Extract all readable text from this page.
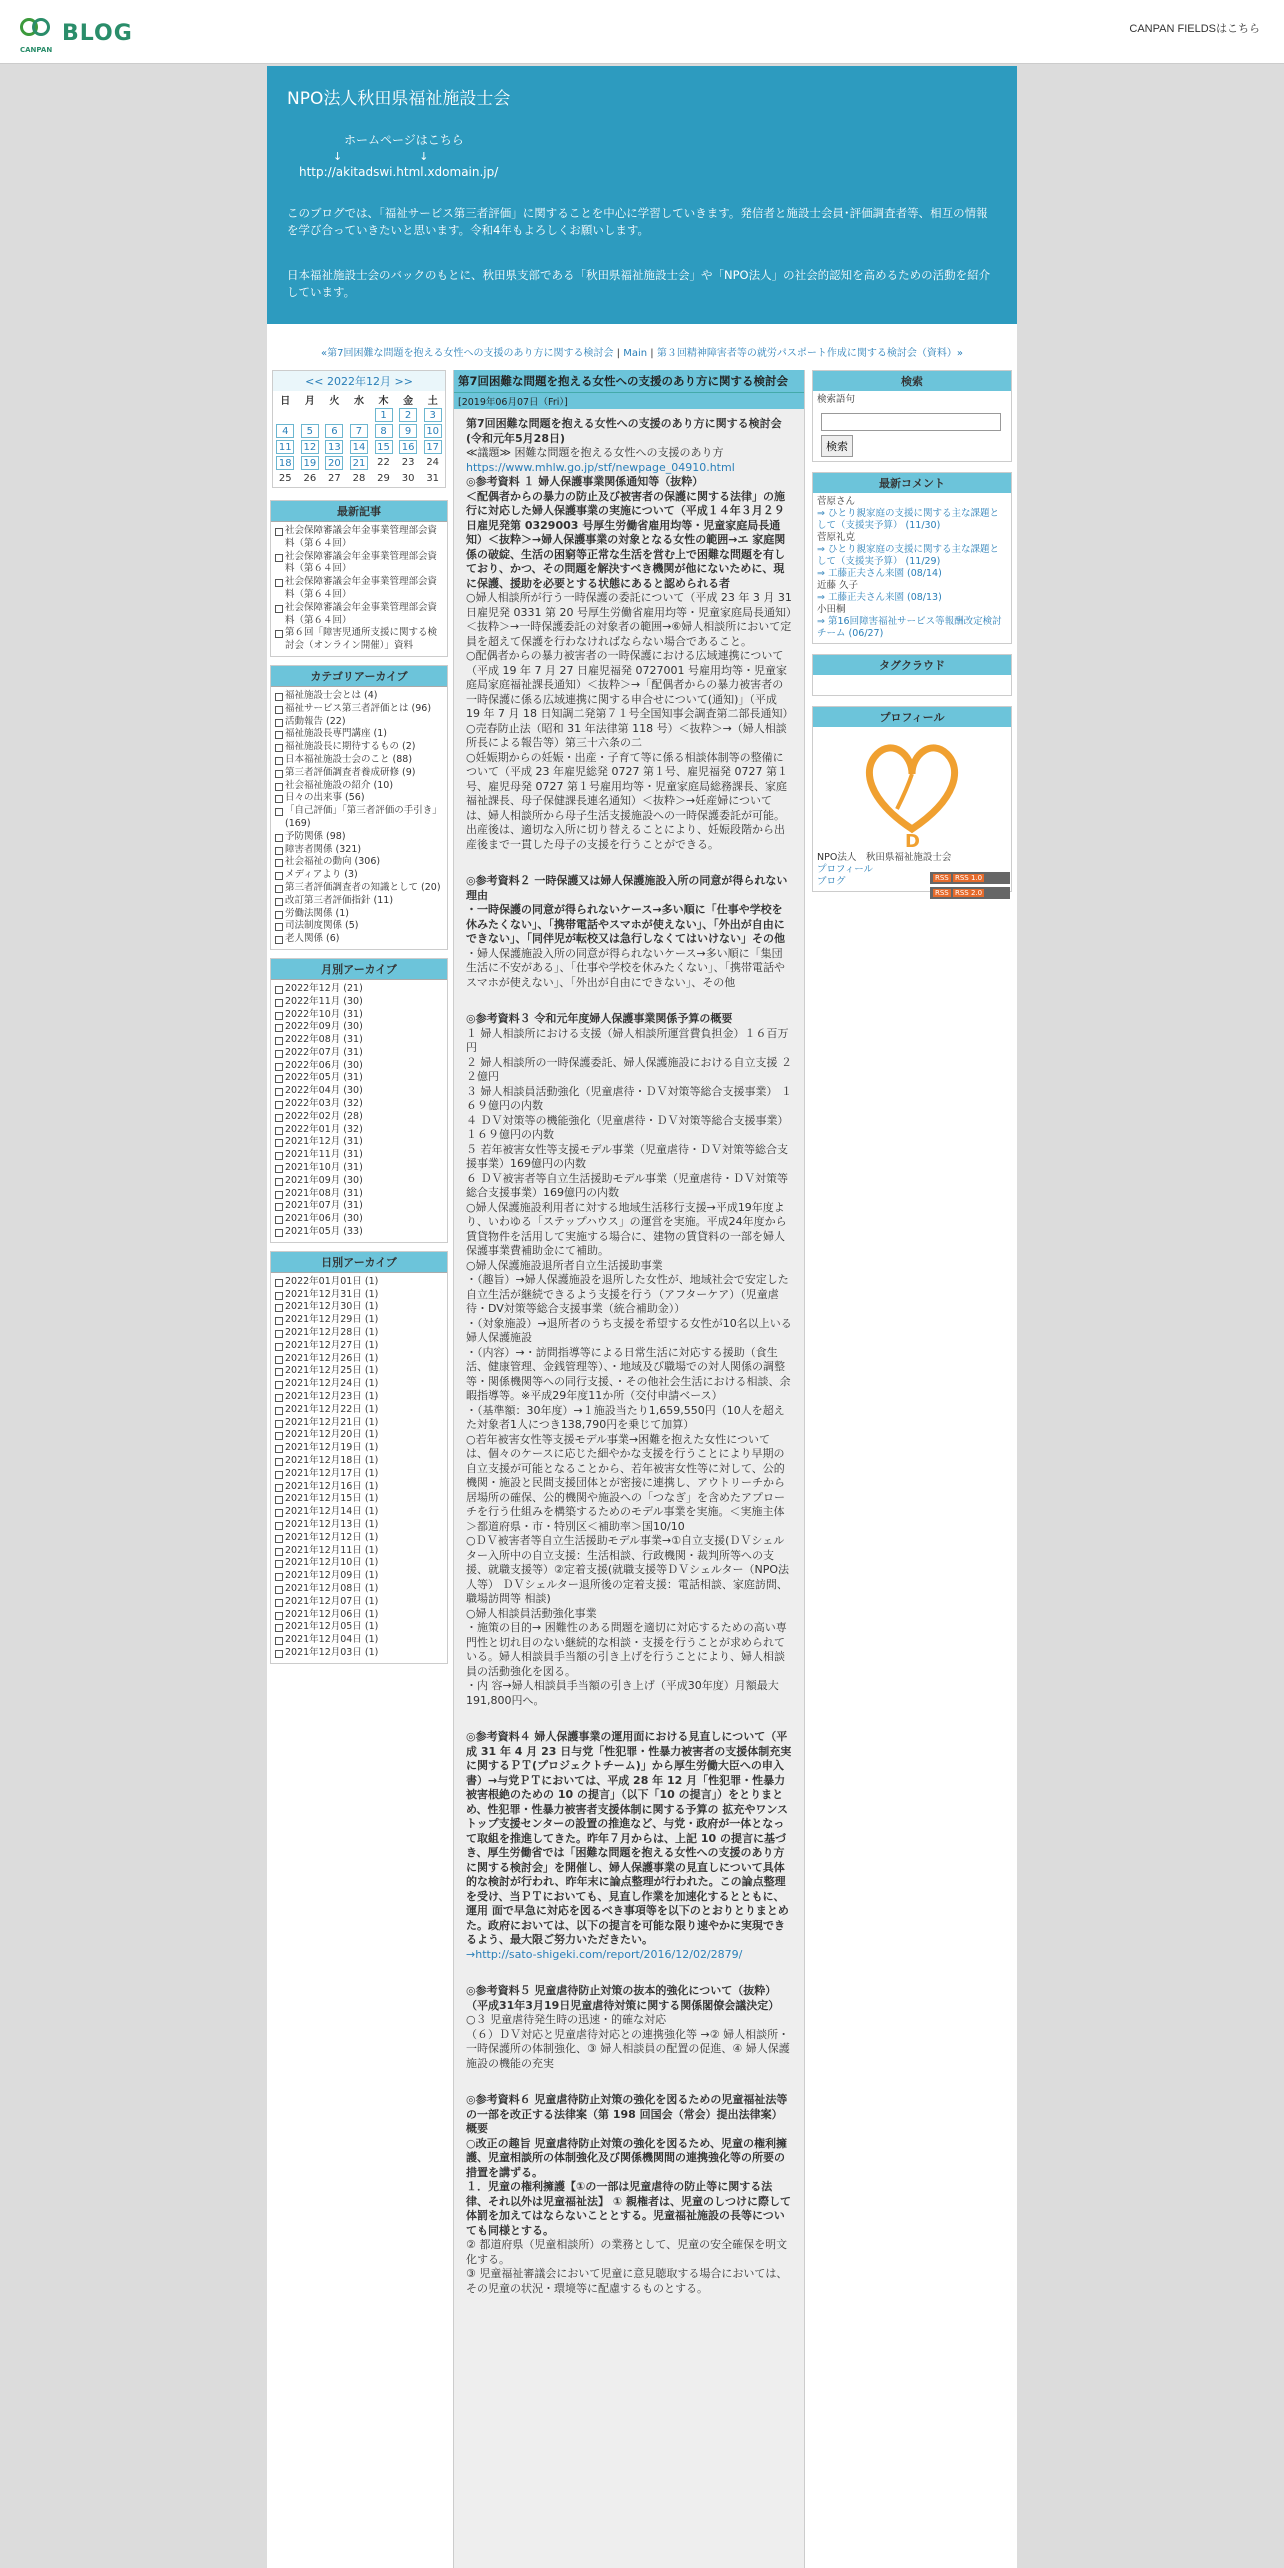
BLOG
CANPAN
CANPAN FIELDSはこちら
NPO法人秋田県福祉施設士会
ホームページはこちら
↓　　　　　　　↓
http://akitadswi.html.xdomain.jp/

このブログでは、「福祉サービス第三者評価」に関することを中心に学習していきます。発信者と施設士会員･評価調査者等、相互の情報を学び合っていきたいと思います。令和4年もよろしくお願いします。

日本福祉施設士会のバックのもとに、秋田県支部である「秋田県福祉施設士会」や「NPO法人」の社会的認知を高めるための活動を紹介しています。

«第7回困難な問題を抱える女性への支援のあり方に関する検討会 | Main | 第３回精神障害者等の就労パスポート作成に関する検討会（資料）»
<< 2022年12月 >>
日	月	火	水	木	金	土
				1	2	3
4	5	6	7	8	9	10
11	12	13	14	15	16	17
18	19	20	21	22	23	24
25	26	27	28	29	30	31
最新記事
社会保障審議会年金事業管理部会資料（第６４回）
社会保障審議会年金事業管理部会資料（第６４回）
社会保障審議会年金事業管理部会資料（第６４回）
社会保障審議会年金事業管理部会資料（第６４回）
第６回「障害児通所支援に関する検討会（オンライン開催）」資料
カテゴリアーカイブ
福祉施設士会とは (4)
福祉サービス第三者評価とは (96)
活動報告 (22)
福祉施設長専門講座 (1)
福祉施設長に期待するもの (2)
日本福祉施設士会のこと (88)
第三者評価調査者養成研修 (9)
社会福祉施設の紹介 (10)
日々の出来事 (56)
「自己評価」「第三者評価の手引き」 (169)
予防関係 (98)
障害者関係 (321)
社会福祉の動向 (306)
メディアより (3)
第三者評価調査者の知識として (20)
改訂第三者評価指針 (11)
労働法関係 (1)
司法制度関係 (5)
老人関係 (6)
月別アーカイブ
2022年12月 (21)
2022年11月 (30)
2022年10月 (31)
2022年09月 (30)
2022年08月 (31)
2022年07月 (31)
2022年06月 (30)
2022年05月 (31)
2022年04月 (30)
2022年03月 (32)
2022年02月 (28)
2022年01月 (32)
2021年12月 (31)
2021年11月 (31)
2021年10月 (31)
2021年09月 (30)
2021年08月 (31)
2021年07月 (31)
2021年06月 (30)
2021年05月 (33)
日別アーカイブ
2022年01月01日 (1)
2021年12月31日 (1)
2021年12月30日 (1)
2021年12月29日 (1)
2021年12月28日 (1)
2021年12月27日 (1)
2021年12月26日 (1)
2021年12月25日 (1)
2021年12月24日 (1)
2021年12月23日 (1)
2021年12月22日 (1)
2021年12月21日 (1)
2021年12月20日 (1)
2021年12月19日 (1)
2021年12月18日 (1)
2021年12月17日 (1)
2021年12月16日 (1)
2021年12月15日 (1)
2021年12月14日 (1)
2021年12月13日 (1)
2021年12月12日 (1)
2021年12月11日 (1)
2021年12月10日 (1)
2021年12月09日 (1)
2021年12月08日 (1)
2021年12月07日 (1)
2021年12月06日 (1)
2021年12月05日 (1)
2021年12月04日 (1)
2021年12月03日 (1)
第7回困難な問題を抱える女性への支援のあり方に関する検討会
[2019年06月07日（Fri）]

第7回困難な問題を抱える女性への支援のあり方に関する検討会(令和元年5月28日)

≪議題≫ 困難な問題を抱える女性への支援のあり方

https://www.mhlw.go.jp/stf/newpage_04910.html

◎参考資料 １ 婦人保護事業関係通知等（抜粋）

＜配偶者からの暴力の防止及び被害者の保護に関する法律」の施行に対応した婦人保護事業の実施について（平成１４年３月２９日雇児発第 0329003 号厚生労働省雇用均等・児童家庭局長通知）＜抜粋＞→婦人保護事業の対象となる女性の範囲→エ 家庭関係の破綻、生活の困窮等正常な生活を営む上で困難な問題を有しており、かつ、その問題を解決すべき機関が他にないために、現に保護、援助を必要とする状態にあると認められる者

○婦人相談所が行う一時保護の委託について（平成 23 年 3 月 31 日雇児発 0331 第 20 号厚生労働省雇用均等・児童家庭局長通知）＜抜粋＞→一時保護委託の対象者の範囲→⑥婦人相談所において定員を超えて保護を行わなければならない場合であること。

○配偶者からの暴力被害者の一時保護における広域連携について（平成 19 年 7 月 27 日雇児福発 0727001 号雇用均等・児童家庭局家庭福祉課長通知）＜抜粋＞→「配偶者からの暴力被害者の一時保護に係る広域連携に関する申合せについて(通知)」（平成 19 年 7 月 18 日知調二発第７１号全国知事会調査第二部長通知）

○売春防止法（昭和 31 年法律第 118 号）＜抜粋＞→（婦人相談所長による報告等）第三十六条の二

○妊娠期からの妊娠・出産・子育て等に係る相談体制等の整備について（平成 23 年雇児総発 0727 第１号、雇児福発 0727 第１号、雇児母発 0727 第１号雇用均等・児童家庭局総務課長、家庭福祉課長、母子保健課長連名通知）＜抜粋＞→妊産婦については、婦人相談所から母子生活支援施設への一時保護委託が可能。出産後は、適切な入所に切り替えることにより、妊娠段階から出産後まで一貫した母子の支援を行うことができる。

◎参考資料２ 一時保護又は婦人保護施設入所の同意が得られない理由

・一時保護の同意が得られないケース→多い順に「仕事や学校を休みたくない」、「携帯電話やスマホが使えない」、「外出が自由にできない」、「同伴児が転校又は急行しなくてはいけない」その他

・婦人保護施設入所の同意が得られないケース→多い順に「集団生活に不安がある」、「仕事や学校を休みたくない」、「携帯電話やスマホが使えない」、「外出が自由にできない」、その他

◎参考資料３ 令和元年度婦人保護事業関係予算の概要

１ 婦人相談所における支援（婦人相談所運営費負担金）１６百万円

２ 婦人相談所の一時保護委託、婦人保護施設における自立支援 ２２億円

３ 婦人相談員活動強化（児童虐待・ＤＶ対策等総合支援事業） １６９億円の内数

４ ＤＶ対策等の機能強化（児童虐待・ＤＶ対策等総合支援事業） １６９億円の内数

５ 若年被害女性等支援モデル事業（児童虐待・ＤＶ対策等総合支援事業）169億円の内数

６ ＤＶ被害者等自立生活援助モデル事業（児童虐待・ＤＶ対策等総合支援事業）169億円の内数

○婦人保護施設利用者に対する地域生活移行支援→平成19年度より、いわゆる「ステップハウス」の運営を実施。平成24年度から賃貸物件を活用して実施する場合に、建物の賃貸料の一部を婦人保護事業費補助金にて補助。

○婦人保護施設退所者自立生活援助事業

・（趣旨）→婦人保護施設を退所した女性が、地域社会で安定した自立生活が継続できるよう支援を行う（アフターケア）（児童虐待・DV対策等総合支援事業（統合補助金））

・（対象施設）→退所者のうち支援を希望する女性が10名以上いる婦人保護施設

・（内容）→・訪問指導等による日常生活に対応する援助（食生活、健康管理、金銭管理等）、・地域及び職場での対人関係の調整等・関係機関等への同行支援、・その他社会生活における相談、余暇指導等。※平成29年度11か所（交付申請ベース）

・（基準額：30年度）→１施設当たり1,659,550円（10人を超えた対象者1人につき138,790円を乗じて加算）

○若年被害女性等支援モデル事業→困難を抱えた女性については、個々のケースに応じた細やかな支援を行うことにより早期の自立支援が可能となることから、若年被害女性等に対して、公的機関・施設と民間支援団体とが密接に連携し、アウトリーチから居場所の確保、公的機関や施設への「つなぎ」を含めたアプローチを行う仕組みを構築するためのモデル事業を実施。＜実施主体＞都道府県・市・特別区＜補助率＞国10/10

○ＤＶ被害者等自立生活援助モデル事業→①自立支援(ＤＶシェルター入所中の自立支援：生活相談、行政機関・裁判所等への支援、就職支援等）②定着支援(就職支援等ＤＶシェルター（NPO法人等） ＤＶシェルター退所後の定着支援：電話相談、家庭訪問、職場訪問等 相談)

○婦人相談員活動強化事業

・施策の目的→ 困難性のある問題を適切に対応するための高い専門性と切れ目のない継続的な相談・支援を行うことが求められている。婦人相談員手当額の引き上げを行うことにより、婦人相談員の活動強化を図る。

・内 容→婦人相談員手当額の引き上げ（平成30年度）月額最大 191,800円へ。

◎参考資料４ 婦人保護事業の運用面における見直しについて（平成 31 年 4 月 23 日与党「性犯罪・性暴力被害者の支援体制充実に関するＰＴ(プロジェクトチーム)」から厚生労働大臣への申入書）→与党ＰＴにおいては、平成 28 年 12 月「性犯罪・性暴力被害根絶のための 10 の提言」（以下「10 の提言」）をとりまとめ、性犯罪・性暴力被害者支援体制に関する予算の 拡充やワンストップ支援センターの設置の推進など、与党・政府が一体となって取組を推進してきた。昨年７月からは、上記 10 の提言に基づき、厚生労働省では「困難な問題を抱える女性への支援のあり方に関する検討会」を開催し、婦人保護事業の見直しについて具体的な検討が行われ、昨年末に論点整理が行われた。この論点整理を受け、当ＰＴにおいても、見直し作業を加速化するとともに、運用 面で早急に対応を図るべき事項等を以下のとおりとりまとめた。政府においては、以下の提言を可能な限り速やかに実現できるよう、最大限ご努力いただきたい。

→http://sato-shigeki.com/report/2016/12/02/2879/

◎参考資料５ 児童虐待防止対策の抜本的強化について（抜粋）（平成31年3月19日児童虐待対策に関する関係閣僚会議決定）

○３ 児童虐待発生時の迅速・的確な対応

（６）ＤＶ対応と児童虐待対応との連携強化等 →② 婦人相談所・一時保護所の体制強化、③ 婦人相談員の配置の促進、④ 婦人保護施設の機能の充実

◎参考資料６ 児童虐待防止対策の強化を図るための児童福祉法等の一部を改正する法律案（第 198 回国会（常会）提出法律案）概要

○改正の趣旨 児童虐待防止対策の強化を図るため、児童の権利擁護、児童相談所の体制強化及び関係機関間の連携強化等の所要の措置を講ずる。

１．児童の権利擁護【①の一部は児童虐待の防止等に関する法律、それ以外は児童福祉法】 ① 親権者は、児童のしつけに際して体罰を加えてはならないこととする。児童福祉施設の長等についても同様とする。

② 都道府県（児童相談所）の業務として、児童の安全確保を明文化する。

③ 児童福祉審議会において児童に意見聴取する場合においては、その児童の状況・環境等に配慮するものとする。

検索
検索語句

検索
最新コメント
菅原さん
⇒ ひとり親家庭の支援に関する主な課題として（支援実予算） (11/30)
菅原礼克
⇒ ひとり親家庭の支援に関する主な課題として（支援実予算） (11/29)
⇒ 工藤正夫さん来園 (08/14)
近藤 久子
⇒ 工藤正夫さん来園 (08/13)
小田桐
⇒ 第16回障害福祉サービス等報酬改定検討チーム (06/27)
タグクラウド
プロフィール
D
NPO法人　秋田県福祉施設士会
プロフィール
ブログ	RSS RSS 1.0
RSS RSS 2.0
